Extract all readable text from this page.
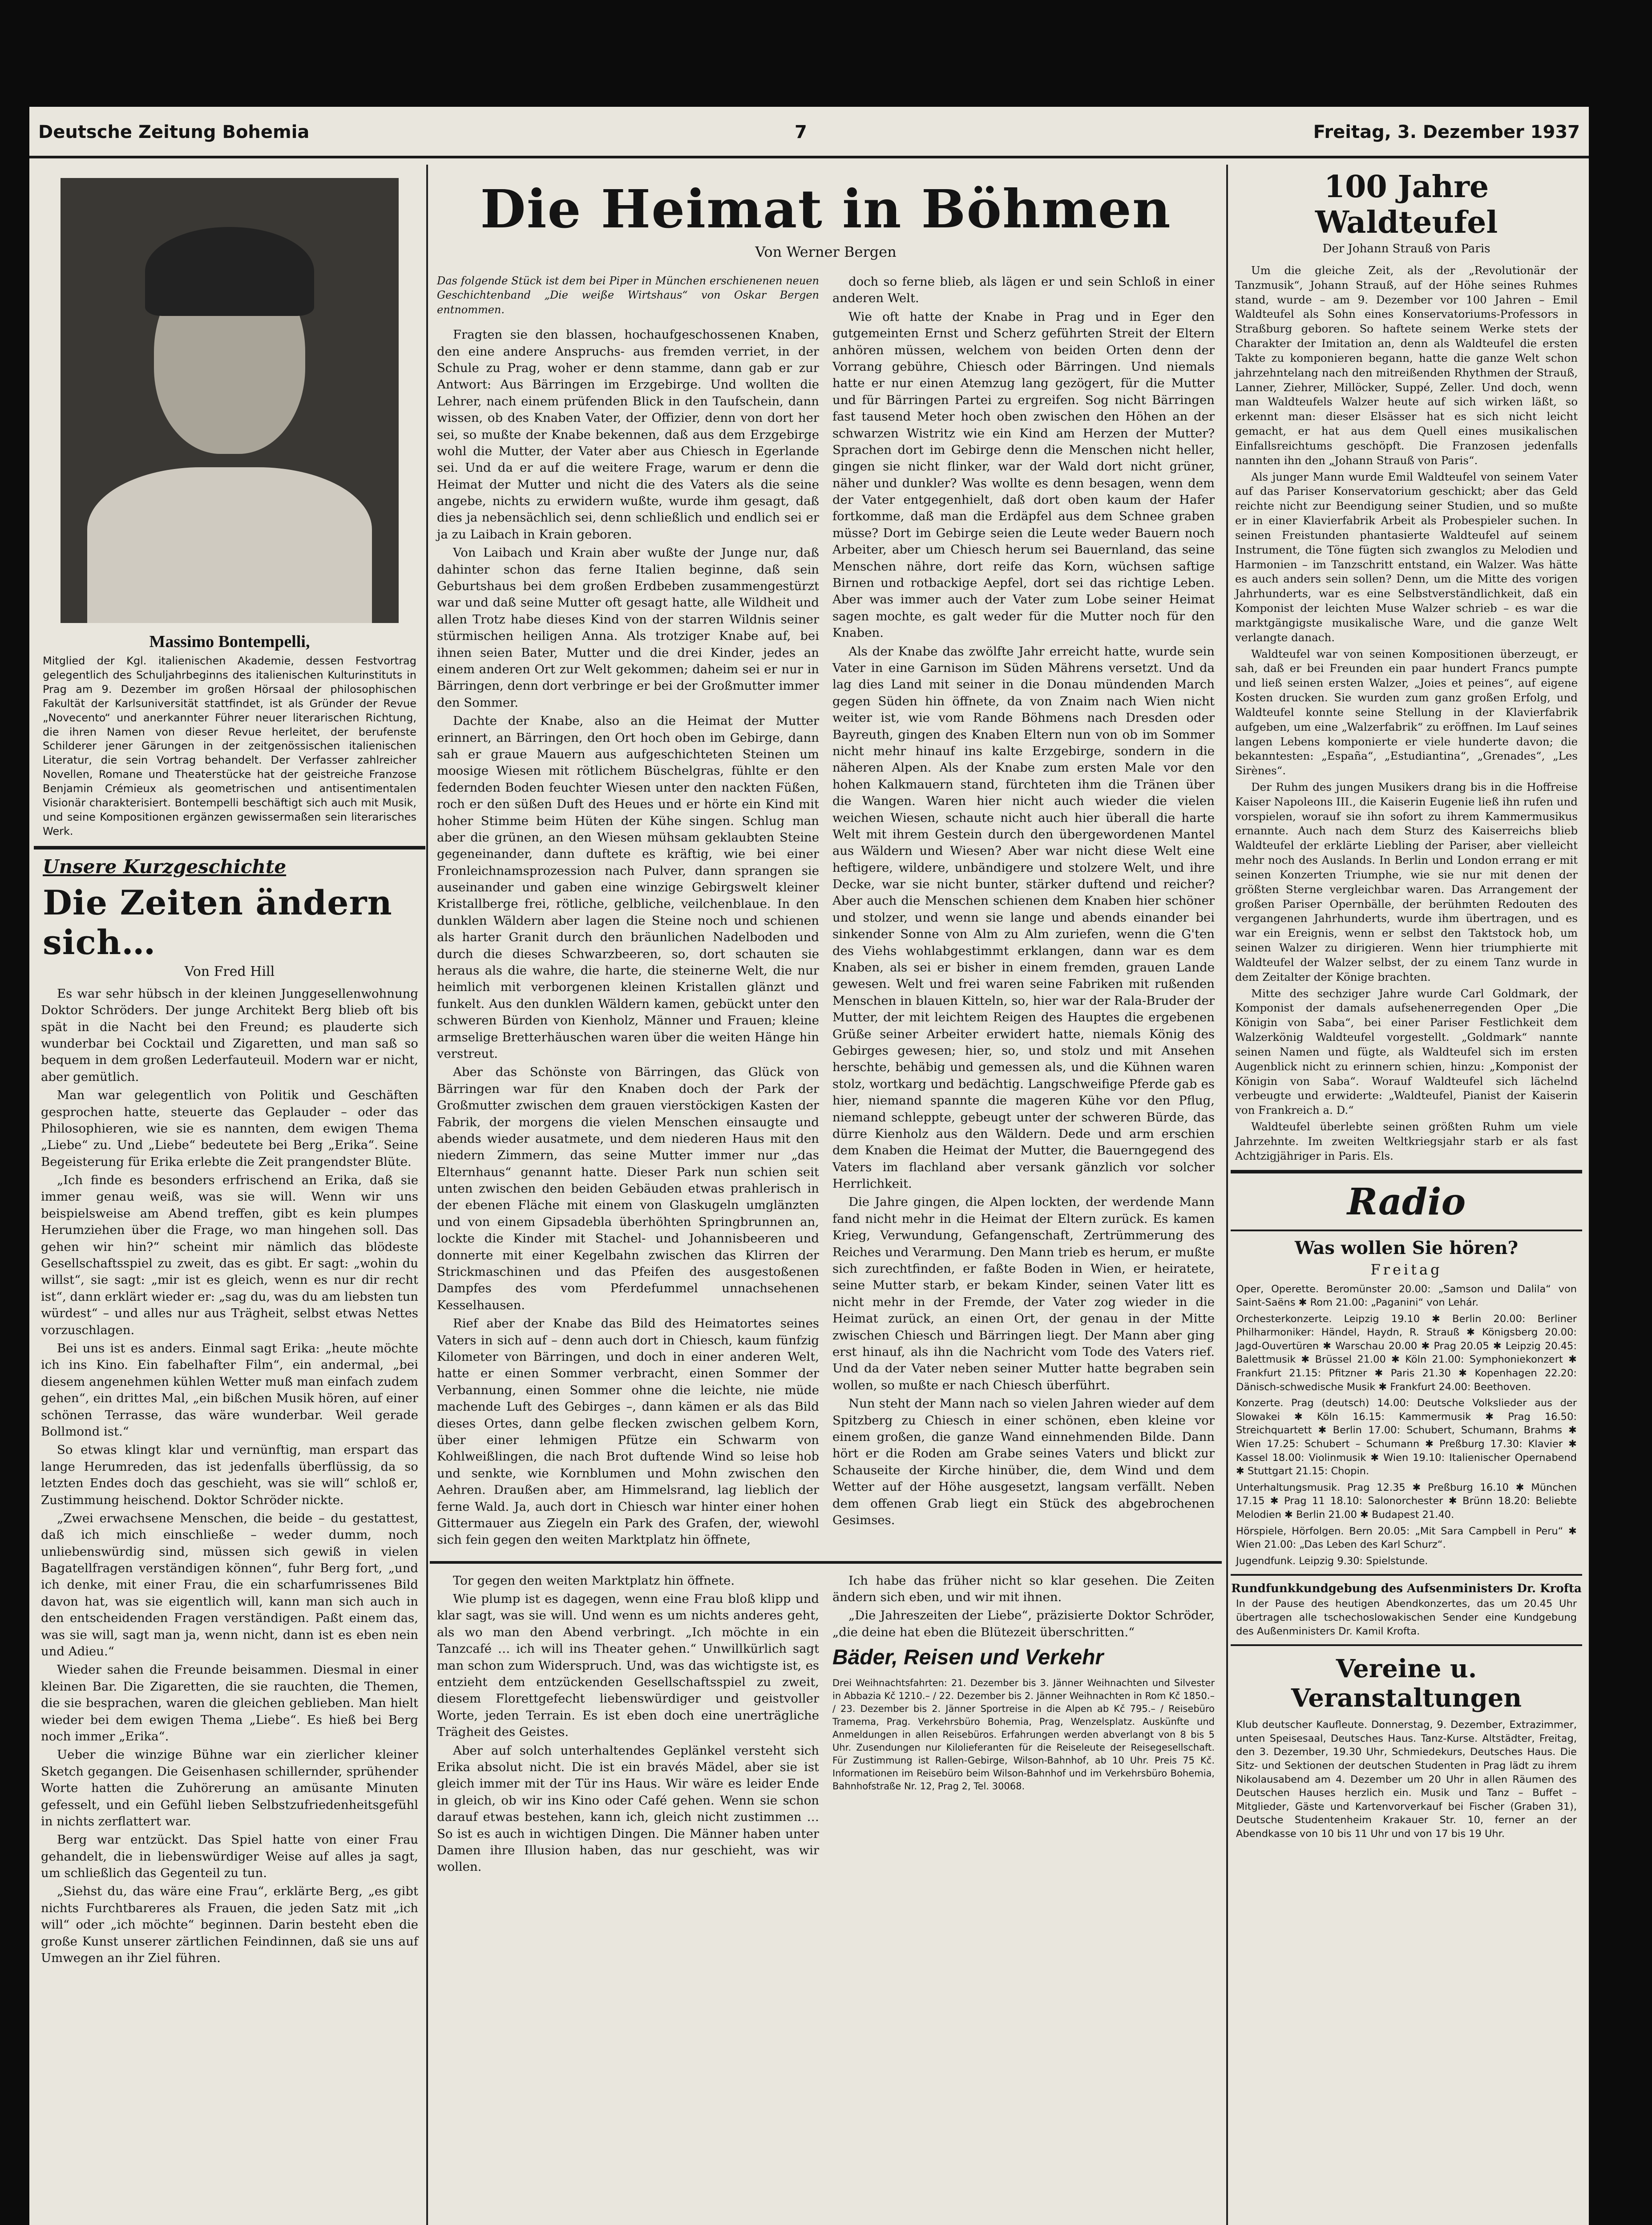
Deutsche Zeitung Bohemia	7	Freitag, 3. Dezember 1937
Massimo Bontempelli,
Mitglied der Kgl. italienischen Akademie, dessen Festvortrag gelegentlich des Schuljahrbeginns des italienischen Kulturinstituts in Prag am 9. Dezember im großen Hörsaal der philosophischen Fakultät der Karlsuniversität stattfindet, ist als Gründer der Revue „Novecento“ und anerkannter Führer neuer literarischen Richtung, die ihren Namen von dieser Revue herleitet, der berufenste Schilderer jener Gärungen in der zeitgenössischen italienischen Literatur, die sein Vortrag behandelt. Der Verfasser zahlreicher Novellen, Romane und Theaterstücke hat der geistreiche Franzose Benjamin Crémieux als geometrischen und antisentimentalen Visionär charakterisiert. Bontempelli beschäftigt sich auch mit Musik, und seine Kompositionen ergänzen gewissermaßen sein literarisches Werk.
Unsere Kurzgeschichte
Die Zeiten ändern sich…
Von Fred Hill

Es war sehr hübsch in der kleinen Junggesellenwohnung Doktor Schröders. Der junge Architekt Berg blieb oft bis spät in die Nacht bei den Freund; es plauderte sich wunderbar bei Cocktail und Zigaretten, und man saß so bequem in dem großen Lederfauteuil. Modern war er nicht, aber gemütlich.

Man war gelegentlich von Politik und Geschäften gesprochen hatte, steuerte das Geplauder – oder das Philosophieren, wie sie es nannten, dem ewigen Thema „Liebe“ zu. Und „Liebe“ bedeutete bei Berg „Erika“. Seine Begeisterung für Erika erlebte die Zeit prangendster Blüte.

„Ich finde es besonders erfrischend an Erika, daß sie immer genau weiß, was sie will. Wenn wir uns beispielsweise am Abend treffen, gibt es kein plumpes Herumziehen über die Frage, wo man hingehen soll. Das gehen wir hin?“ scheint mir nämlich das blödeste Gesellschaftsspiel zu zweit, das es gibt. Er sagt: „wohin du willst“, sie sagt: „mir ist es gleich, wenn es nur dir recht ist“, dann erklärt wieder er: „sag du, was du am liebsten tun würdest“ – und alles nur aus Trägheit, selbst etwas Nettes vorzuschlagen.

Bei uns ist es anders. Einmal sagt Erika: „heute möchte ich ins Kino. Ein fabelhafter Film“, ein andermal, „bei diesem angenehmen kühlen Wetter muß man einfach zudem gehen“, ein drittes Mal, „ein bißchen Musik hören, auf einer schönen Terrasse, das wäre wunderbar. Weil gerade Bollmond ist.“

So etwas klingt klar und vernünftig, man erspart das lange Herumreden, das ist jedenfalls überflüssig, da so letzten Endes doch das geschieht, was sie will“ schloß er, Zustimmung heischend. Doktor Schröder nickte.

„Zwei erwachsene Menschen, die beide – du gestattest, daß ich mich einschließe – weder dumm, noch unliebenswürdig sind, müssen sich gewiß in vielen Bagatellfragen verständigen können“, fuhr Berg fort, „und ich denke, mit einer Frau, die ein scharfumrissenes Bild davon hat, was sie eigentlich will, kann man sich auch in den entscheidenden Fragen verständigen. Paßt einem das, was sie will, sagt man ja, wenn nicht, dann ist es eben nein und Adieu.“

Wieder sahen die Freunde beisammen. Diesmal in einer kleinen Bar. Die Zigaretten, die sie rauchten, die Themen, die sie besprachen, waren die gleichen geblieben. Man hielt wieder bei dem ewigen Thema „Liebe“. Es hieß bei Berg noch immer „Erika“.

Ueber die winzige Bühne war ein zierlicher kleiner Sketch gegangen. Die Geisenhasen schillernder, sprühender Worte hatten die Zuhörerung an amüsante Minuten gefesselt, und ein Gefühl lieben Selbstzufriedenheitsgefühl in nichts zerflattert war.

Berg war entzückt. Das Spiel hatte von einer Frau gehandelt, die in liebenswürdiger Weise auf alles ja sagt, um schließlich das Gegenteil zu tun.

„Siehst du, das wäre eine Frau“, erklärte Berg, „es gibt nichts Furchtbareres als Frauen, die jeden Satz mit „ich will“ oder „ich möchte“ beginnen. Darin besteht eben die große Kunst unserer zärtlichen Feindinnen, daß sie uns auf Umwegen an ihr Ziel führen.

Die Heimat in Böhmen
Von Werner Bergen
Das folgende Stück ist dem bei Piper in München erschienenen neuen Geschichtenband „Die weiße Wirtshaus“ von Oskar Bergen entnommen.

Fragten sie den blassen, hochaufgeschossenen Knaben, den eine andere Anspruchs- aus fremden verriet, in der Schule zu Prag, woher er denn stamme, dann gab er zur Antwort: Aus Bärringen im Erzgebirge. Und wollten die Lehrer, nach einem prüfenden Blick in den Taufschein, dann wissen, ob des Knaben Vater, der Offizier, denn von dort her sei, so mußte der Knabe bekennen, daß aus dem Erzgebirge wohl die Mutter, der Vater aber aus Chiesch in Egerlande sei. Und da er auf die weitere Frage, warum er denn die Heimat der Mutter und nicht die des Vaters als die seine angebe, nichts zu erwidern wußte, wurde ihm gesagt, daß dies ja nebensächlich sei, denn schließlich und endlich sei er ja zu Laibach in Krain geboren.

Von Laibach und Krain aber wußte der Junge nur, daß dahinter schon das ferne Italien beginne, daß sein Geburtshaus bei dem großen Erdbeben zusammengestürzt war und daß seine Mutter oft gesagt hatte, alle Wildheit und allen Trotz habe dieses Kind von der starren Wildnis seiner stürmischen heiligen Anna. Als trotziger Knabe auf, bei ihnen seien Bater, Mutter und die drei Kinder, jedes an einem anderen Ort zur Welt gekommen; daheim sei er nur in Bärringen, denn dort verbringe er bei der Großmutter immer den Sommer.

Dachte der Knabe, also an die Heimat der Mutter erinnert, an Bärringen, den Ort hoch oben im Gebirge, dann sah er graue Mauern aus aufgeschichteten Steinen um moosige Wiesen mit rötlichem Büschelgras, fühlte er den federnden Boden feuchter Wiesen unter den nackten Füßen, roch er den süßen Duft des Heues und er hörte ein Kind mit hoher Stimme beim Hüten der Kühe singen. Schlug man aber die grünen, an den Wiesen mühsam geklaubten Steine gegeneinander, dann duftete es kräftig, wie bei einer Fronleichnamsprozession nach Pulver, dann sprangen sie auseinander und gaben eine winzige Gebirgswelt kleiner Kristallberge frei, rötliche, gelbliche, veilchenblaue. In den dunklen Wäldern aber lagen die Steine noch und schienen als harter Granit durch den bräunlichen Nadelboden und durch die dieses Schwarzbeeren, so, dort schauten sie heraus als die wahre, die harte, die steinerne Welt, die nur heimlich mit verborgenen kleinen Kristallen glänzt und funkelt. Aus den dunklen Wäldern kamen, gebückt unter den schweren Bürden von Kienholz, Männer und Frauen; kleine armselige Bretterhäuschen waren über die weiten Hänge hin verstreut.

Aber das Schönste von Bärringen, das Glück von Bärringen war für den Knaben doch der Park der Großmutter zwischen dem grauen vierstöckigen Kasten der Fabrik, der morgens die vielen Menschen einsaugte und abends wieder ausatmete, und dem niederen Haus mit den niedern Zimmern, das seine Mutter immer nur „das Elternhaus“ genannt hatte. Dieser Park nun schien seit unten zwischen den beiden Gebäuden etwas prahlerisch in der ebenen Fläche mit einem von Glaskugeln umglänzten und von einem Gipsadebla überhöhten Springbrunnen an, lockte die Kinder mit Stachel- und Johannisbeeren und donnerte mit einer Kegelbahn zwischen das Klirren der Strickmaschinen und das Pfeifen des ausgestoßenen Dampfes des vom Pferdefummel unnachsehenen Kesselhausen.

Rief aber der Knabe das Bild des Heimatortes seines Vaters in sich auf – denn auch dort in Chiesch, kaum fünfzig Kilometer von Bärringen, und doch in einer anderen Welt, hatte er einen Sommer verbracht, einen Sommer der Verbannung, einen Sommer ohne die leichte, nie müde machende Luft des Gebirges –, dann kämen er als das Bild dieses Ortes, dann gelbe flecken zwischen gelbem Korn, über einer lehmigen Pfütze ein Schwarm von Kohlweißlingen, die nach Brot duftende Wind so leise hob und senkte, wie Kornblumen und Mohn zwischen den Aehren. Draußen aber, am Himmelsrand, lag lieblich der ferne Wald. Ja, auch dort in Chiesch war hinter einer hohen Gittermauer aus Ziegeln ein Park des Grafen, der, wiewohl sich fein gegen den weiten Marktplatz hin öffnete,

doch so ferne blieb, als lägen er und sein Schloß in einer anderen Welt.

Wie oft hatte der Knabe in Prag und in Eger den gutgemeinten Ernst und Scherz geführten Streit der Eltern anhören müssen, welchem von beiden Orten denn der Vorrang gebühre, Chiesch oder Bärringen. Und niemals hatte er nur einen Atemzug lang gezögert, für die Mutter und für Bärringen Partei zu ergreifen. Sog nicht Bärringen fast tausend Meter hoch oben zwischen den Höhen an der schwarzen Wistritz wie ein Kind am Herzen der Mutter? Sprachen dort im Gebirge denn die Menschen nicht heller, gingen sie nicht flinker, war der Wald dort nicht grüner, näher und dunkler? Was wollte es denn besagen, wenn dem der Vater entgegenhielt, daß dort oben kaum der Hafer fortkomme, daß man die Erdäpfel aus dem Schnee graben müsse? Dort im Gebirge seien die Leute weder Bauern noch Arbeiter, aber um Chiesch herum sei Bauernland, das seine Menschen nähre, dort reife das Korn, wüchsen saftige Birnen und rotbackige Aepfel, dort sei das richtige Leben. Aber was immer auch der Vater zum Lobe seiner Heimat sagen mochte, es galt weder für die Mutter noch für den Knaben.

Als der Knabe das zwölfte Jahr erreicht hatte, wurde sein Vater in eine Garnison im Süden Mährens versetzt. Und da lag dies Land mit seiner in die Donau mündenden March gegen Süden hin öffnete, da von Znaim nach Wien nicht weiter ist, wie vom Rande Böhmens nach Dresden oder Bayreuth, gingen des Knaben Eltern nun von ob im Sommer nicht mehr hinauf ins kalte Erzgebirge, sondern in die näheren Alpen. Als der Knabe zum ersten Male vor den hohen Kalkmauern stand, fürchteten ihm die Tränen über die Wangen. Waren hier nicht auch wieder die vielen weichen Wiesen, schaute nicht auch hier überall die harte Welt mit ihrem Gestein durch den übergewordenen Mantel aus Wäldern und Wiesen? Aber war nicht diese Welt eine heftigere, wildere, unbändigere und stolzere Welt, und ihre Decke, war sie nicht bunter, stärker duftend und reicher? Aber auch die Menschen schienen dem Knaben hier schöner und stolzer, und wenn sie lange und abends einander bei sinkender Sonne von Alm zu Alm zuriefen, wenn die G'ten des Viehs wohlabgestimmt erklangen, dann war es dem Knaben, als sei er bisher in einem fremden, grauen Lande gewesen. Welt und frei waren seine Fabriken mit rußenden Menschen in blauen Kitteln, so, hier war der Rala-Bruder der Mutter, der mit leichtem Reigen des Hauptes die ergebenen Grüße seiner Arbeiter erwidert hatte, niemals König des Gebirges gewesen; hier, so, und stolz und mit Ansehen herschte, behäbig und gemessen als, und die Kühnen waren stolz, wortkarg und bedächtig. Langschweifige Pferde gab es hier, niemand spannte die mageren Kühe vor den Pflug, niemand schleppte, gebeugt unter der schweren Bürde, das dürre Kienholz aus den Wäldern. Dede und arm erschien dem Knaben die Heimat der Mutter, die Bauerngegend des Vaters im flachland aber versank gänzlich vor solcher Herrlichkeit.

Die Jahre gingen, die Alpen lockten, der werdende Mann fand nicht mehr in die Heimat der Eltern zurück. Es kamen Krieg, Verwundung, Gefangenschaft, Zertrümmerung des Reiches und Verarmung. Den Mann trieb es herum, er mußte sich zurechtfinden, er faßte Boden in Wien, er heiratete, seine Mutter starb, er bekam Kinder, seinen Vater litt es nicht mehr in der Fremde, der Vater zog wieder in die Heimat zurück, an einen Ort, der genau in der Mitte zwischen Chiesch und Bärringen liegt. Der Mann aber ging erst hinauf, als ihn die Nachricht vom Tode des Vaters rief. Und da der Vater neben seiner Mutter hatte begraben sein wollen, so mußte er nach Chiesch überführt.

Nun steht der Mann nach so vielen Jahren wieder auf dem Spitzberg zu Chiesch in einer schönen, eben kleine vor einem großen, die ganze Wand einnehmenden Bilde. Dann hört er die Roden am Grabe seines Vaters und blickt zur Schauseite der Kirche hinüber, die, dem Wind und dem Wetter auf der Höhe ausgesetzt, langsam verfällt. Neben dem offenen Grab liegt ein Stück des abgebrochenen Gesimses.

Tor gegen den weiten Marktplatz hin öffnete.

Wie plump ist es dagegen, wenn eine Frau bloß klipp und klar sagt, was sie will. Und wenn es um nichts anderes geht, als wo man den Abend verbringt. „Ich möchte in ein Tanzcafé … ich will ins Theater gehen.“ Unwillkürlich sagt man schon zum Widerspruch. Und, was das wichtigste ist, es entzieht dem entzückenden Gesellschaftsspiel zu zweit, diesem Florettgefecht liebenswürdiger und geistvoller Worte, jeden Terrain. Es ist eben doch eine unerträgliche Trägheit des Geistes.

Aber auf solch unterhaltendes Geplänkel versteht sich Erika absolut nicht. Die ist ein bravés Mädel, aber sie ist gleich immer mit der Tür ins Haus. Wir wäre es leider Ende in gleich, ob wir ins Kino oder Café gehen. Wenn sie schon darauf etwas bestehen, kann ich, gleich nicht zustimmen … So ist es auch in wichtigen Dingen. Die Männer haben unter Damen ihre Illusion haben, das nur geschieht, was wir wollen.

Ich habe das früher nicht so klar gesehen. Die Zeiten ändern sich eben, und wir mit ihnen.

„Die Jahreszeiten der Liebe“, präzisierte Doktor Schröder, „die deine hat eben die Blütezeit überschritten.“

Bäder, Reisen und Verkehr
Drei Weihnachtsfahrten: 21. Dezember bis 3. Jänner Weihnachten und Silvester in Abbazia Kč 1210.– / 22. Dezember bis 2. Jänner Weihnachten in Rom Kč 1850.– / 23. Dezember bis 2. Jänner Sportreise in die Alpen ab Kč 795.– / Reisebüro Tramema, Prag. Verkehrsbüro Bohemia, Prag, Wenzelsplatz. Auskünfte und Anmeldungen in allen Reisebüros. Erfahrungen werden abverlangt von 8 bis 5 Uhr. Zusendungen nur Kilolieferanten für die Reiseleute der Reisegesellschaft. Für Zustimmung ist Rallen-Gebirge, Wilson-Bahnhof, ab 10 Uhr. Preis 75 Kč. Informationen im Reisebüro beim Wilson-Bahnhof und im Verkehrsbüro Bohemia, Bahnhofstraße Nr. 12, Prag 2, Tel. 30068.
100 Jahre Waldteufel
Der Johann Strauß von Paris

Um die gleiche Zeit, als der „Revolutionär der Tanzmusik“, Johann Strauß, auf der Höhe seines Ruhmes stand, wurde – am 9. Dezember vor 100 Jahren – Emil Waldteufel als Sohn eines Konservatoriums-Professors in Straßburg geboren. So haftete seinem Werke stets der Charakter der Imitation an, denn als Waldteufel die ersten Takte zu komponieren begann, hatte die ganze Welt schon jahrzehntelang nach den mitreißenden Rhythmen der Strauß, Lanner, Ziehrer, Millöcker, Suppé, Zeller. Und doch, wenn man Waldteufels Walzer heute auf sich wirken läßt, so erkennt man: dieser Elsässer hat es sich nicht leicht gemacht, er hat aus dem Quell eines musikalischen Einfallsreichtums geschöpft. Die Franzosen jedenfalls nannten ihn den „Johann Strauß von Paris“.

Als junger Mann wurde Emil Waldteufel von seinem Vater auf das Pariser Konservatorium geschickt; aber das Geld reichte nicht zur Beendigung seiner Studien, und so mußte er in einer Klavierfabrik Arbeit als Probespieler suchen. In seinen Freistunden phantasierte Waldteufel auf seinem Instrument, die Töne fügten sich zwanglos zu Melodien und Harmonien – im Tanzschritt entstand, ein Walzer. Was hätte es auch anders sein sollen? Denn, um die Mitte des vorigen Jahrhunderts, war es eine Selbstverständlichkeit, daß ein Komponist der leichten Muse Walzer schrieb – es war die marktgängigste musikalische Ware, und die ganze Welt verlangte danach.

Waldteufel war von seinen Kompositionen überzeugt, er sah, daß er bei Freunden ein paar hundert Francs pumpte und ließ seinen ersten Walzer, „Joies et peines“, auf eigene Kosten drucken. Sie wurden zum ganz großen Erfolg, und Waldteufel konnte seine Stellung in der Klavierfabrik aufgeben, um eine „Walzerfabrik“ zu eröffnen. Im Lauf seines langen Lebens komponierte er viele hunderte davon; die bekanntesten: „España“, „Estudiantina“, „Grenades“, „Les Sirènes“.

Der Ruhm des jungen Musikers drang bis in die Hoffreise Kaiser Napoleons III., die Kaiserin Eugenie ließ ihn rufen und vorspielen, worauf sie ihn sofort zu ihrem Kammermusikus ernannte. Auch nach dem Sturz des Kaiserreichs blieb Waldteufel der erklärte Liebling der Pariser, aber vielleicht mehr noch des Auslands. In Berlin und London errang er mit seinen Konzerten Triumphe, wie sie nur mit denen der größten Sterne vergleichbar waren. Das Arrangement der großen Pariser Opernbälle, der berühmten Redouten des vergangenen Jahrhunderts, wurde ihm übertragen, und es war ein Ereignis, wenn er selbst den Taktstock hob, um seinen Walzer zu dirigieren. Wenn hier triumphierte mit Waldteufel der Walzer selbst, der zu einem Tanz wurde in dem Zeitalter der Könige brachten.

Mitte des sechziger Jahre wurde Carl Goldmark, der Komponist der damals aufsehenerregenden Oper „Die Königin von Saba“, bei einer Pariser Festlichkeit dem Walzerkönig Waldteufel vorgestellt. „Goldmark“ nannte seinen Namen und fügte, als Waldteufel sich im ersten Augenblick nicht zu erinnern schien, hinzu: „Komponist der Königin von Saba“. Worauf Waldteufel sich lächelnd verbeugte und erwiderte: „Waldteufel, Pianist der Kaiserin von Frankreich a. D.“

Waldteufel überlebte seinen größten Ruhm um viele Jahrzehnte. Im zweiten Weltkriegsjahr starb er als fast Achtzigjähriger in Paris. Els.

Radio
Was wollen Sie hören?
Freitag

Oper, Operette. Beromünster 20.00: „Samson und Dalila“ von Saint-Saëns ✱ Rom 21.00: „Paganini“ von Lehár.

Orchesterkonzerte. Leipzig 19.10 ✱ Berlin 20.00: Berliner Philharmoniker: Händel, Haydn, R. Strauß ✱ Königsberg 20.00: Jagd-Ouvertüren ✱ Warschau 20.00 ✱ Prag 20.05 ✱ Leipzig 20.45: Balettmusik ✱ Brüssel 21.00 ✱ Köln 21.00: Symphoniekonzert ✱ Frankfurt 21.15: Pfitzner ✱ Paris 21.30 ✱ Kopenhagen 22.20: Dänisch-schwedische Musik ✱ Frankfurt 24.00: Beethoven.

Konzerte. Prag (deutsch) 14.00: Deutsche Volkslieder aus der Slowakei ✱ Köln 16.15: Kammermusik ✱ Prag 16.50: Streichquartett ✱ Berlin 17.00: Schubert, Schumann, Brahms ✱ Wien 17.25: Schubert – Schumann ✱ Preßburg 17.30: Klavier ✱ Kassel 18.00: Violinmusik ✱ Wien 19.10: Italienischer Opernabend ✱ Stuttgart 21.15: Chopin.

Unterhaltungsmusik. Prag 12.35 ✱ Preßburg 16.10 ✱ München 17.15 ✱ Prag 11 18.10: Salonorchester ✱ Brünn 18.20: Beliebte Melodien ✱ Berlin 21.00 ✱ Budapest 21.40.

Hörspiele, Hörfolgen. Bern 20.05: „Mit Sara Campbell in Peru“ ✱ Wien 21.00: „Das Leben des Karl Schurz“.

Jugendfunk. Leipzig 9.30: Spielstunde.

Rundfunkkundgebung des Aufsenministers Dr. Krofta
In der Pause des heutigen Abendkonzertes, das um 20.45 Uhr übertragen alle tschechoslowakischen Sender eine Kundgebung des Außenministers Dr. Kamil Krofta.
Vereine u. Veranstaltungen
Klub deutscher Kaufleute. Donnerstag, 9. Dezember, Extrazimmer, unten Speisesaal, Deutsches Haus. Tanz-Kurse. Altstädter, Freitag, den 3. Dezember, 19.30 Uhr, Schmiedekurs, Deutsches Haus. Die Sitz- und Sektionen der deutschen Studenten in Prag lädt zu ihrem Nikolausabend am 4. Dezember um 20 Uhr in allen Räumen des Deutschen Hauses herzlich ein. Musik und Tanz – Buffet – Mitglieder, Gäste und Kartenvorverkauf bei Fischer (Graben 31), Deutsche Studentenheim Krakauer Str. 10, ferner an der Abendkasse von 10 bis 11 Uhr und von 17 bis 19 Uhr.
